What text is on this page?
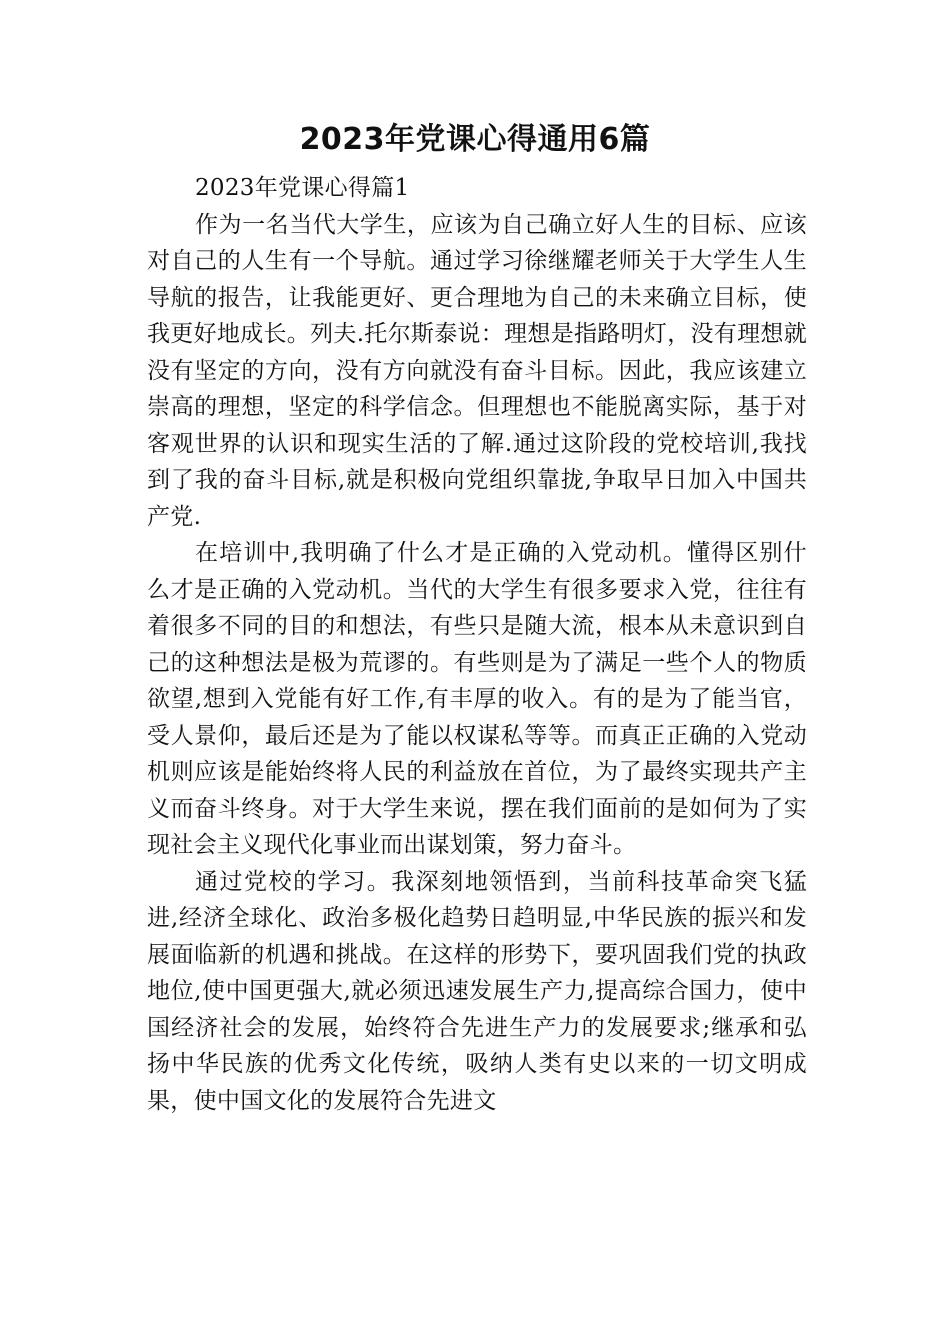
2023年党课心得通用6篇
2023年党课心得篇1

作为一名当代大学生，应该为自己确立好人生的目标、应该对自己的人生有一个导航。通过学习徐继耀老师关于大学生人生导航的报告，让我能更好、更合理地为自己的未来确立目标，使我更好地成长。列夫.托尔斯泰说：理想是指路明灯，没有理想就没有坚定的方向，没有方向就没有奋斗目标。因此，我应该建立崇高的理想，坚定的科学信念。但理想也不能脱离实际，基于对客观世界的认识和现实生活的了解.通过这阶段的党校培训,我找到了我的奋斗目标,就是积极向党组织靠拢,争取早日加入中国共产党.

在培训中,我明确了什么才是正确的入党动机。懂得区别什么才是正确的入党动机。当代的大学生有很多要求入党，往往有着很多不同的目的和想法，有些只是随大流，根本从未意识到自己的这种想法是极为荒谬的。有些则是为了满足一些个人的物质欲望,想到入党能有好工作,有丰厚的收入。有的是为了能当官，受人景仰，最后还是为了能以权谋私等等。而真正正确的入党动机则应该是能始终将人民的利益放在首位，为了最终实现共产主义而奋斗终身。对于大学生来说，摆在我们面前的是如何为了实现社会主义现代化事业而出谋划策，努力奋斗。

通过党校的学习。我深刻地领悟到，当前科技革命突飞猛进,经济全球化、政治多极化趋势日趋明显,中华民族的振兴和发展面临新的机遇和挑战。在这样的形势下，要巩固我们党的执政地位,使中国更强大,就必须迅速发展生产力,提高综合国力，使中国经济社会的发展，始终符合先进生产力的发展要求;继承和弘扬中华民族的优秀文化传统，吸纳人类有史以来的一切文明成果，使中国文化的发展符合先进文
